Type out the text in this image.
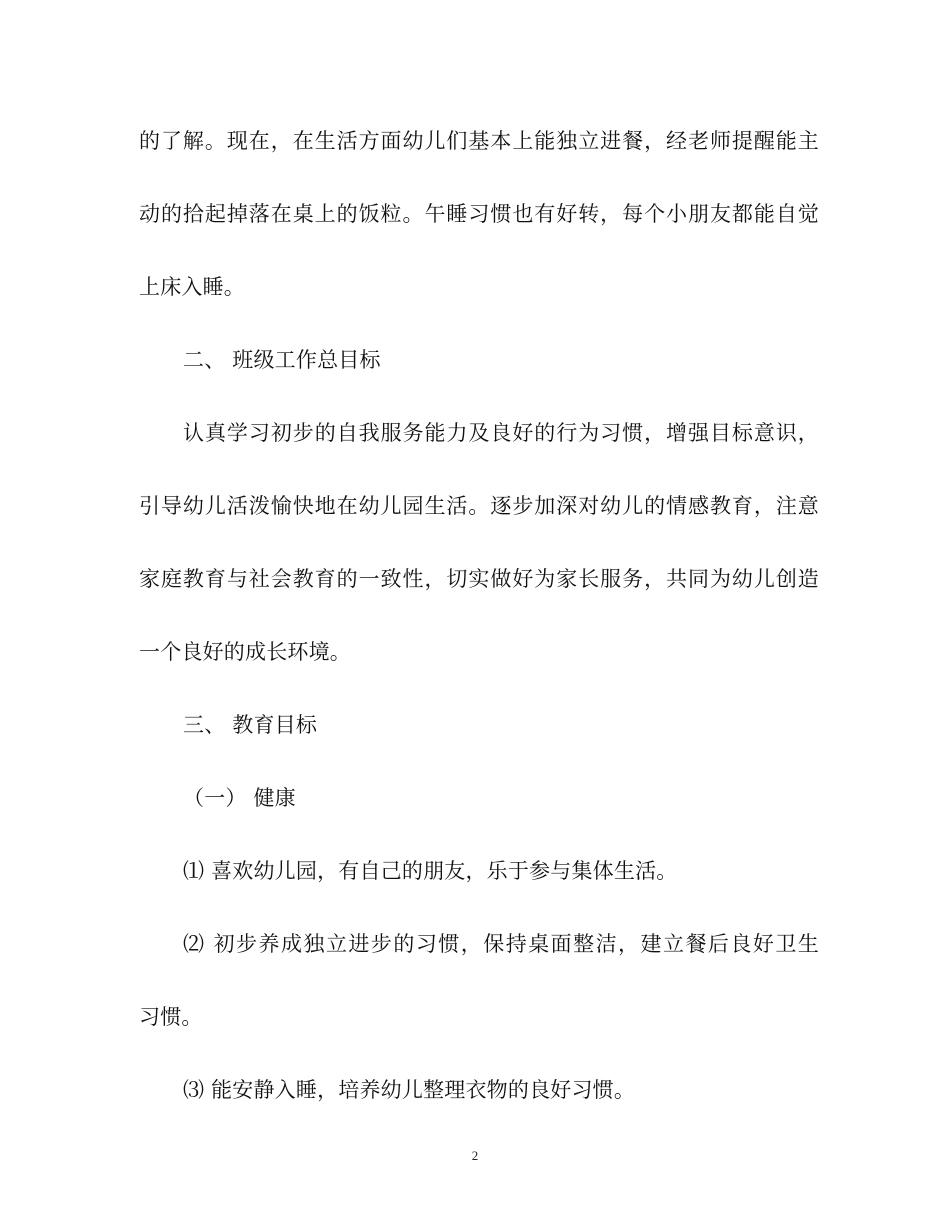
的了解。现在，在生活方面幼儿们基本上能独立进餐，经老师提醒能主
动的拾起掉落在桌上的饭粒。午睡习惯也有好转，每个小朋友都能自觉
上床入睡。
二、 班级工作总目标
认真学习初步的自我服务能力及良好的行为习惯，增强目标意识，
引导幼儿活泼愉快地在幼儿园生活。逐步加深对幼儿的情感教育，注意
家庭教育与社会教育的一致性，切实做好为家长服务，共同为幼儿创造
一个良好的成长环境。
三、 教育目标
（一） 健康
⑴ 喜欢幼儿园，有自己的朋友，乐于参与集体生活。
⑵ 初步养成独立进步的习惯，保持桌面整洁，建立餐后良好卫生
习惯。
⑶ 能安静入睡，培养幼儿整理衣物的良好习惯。
2
